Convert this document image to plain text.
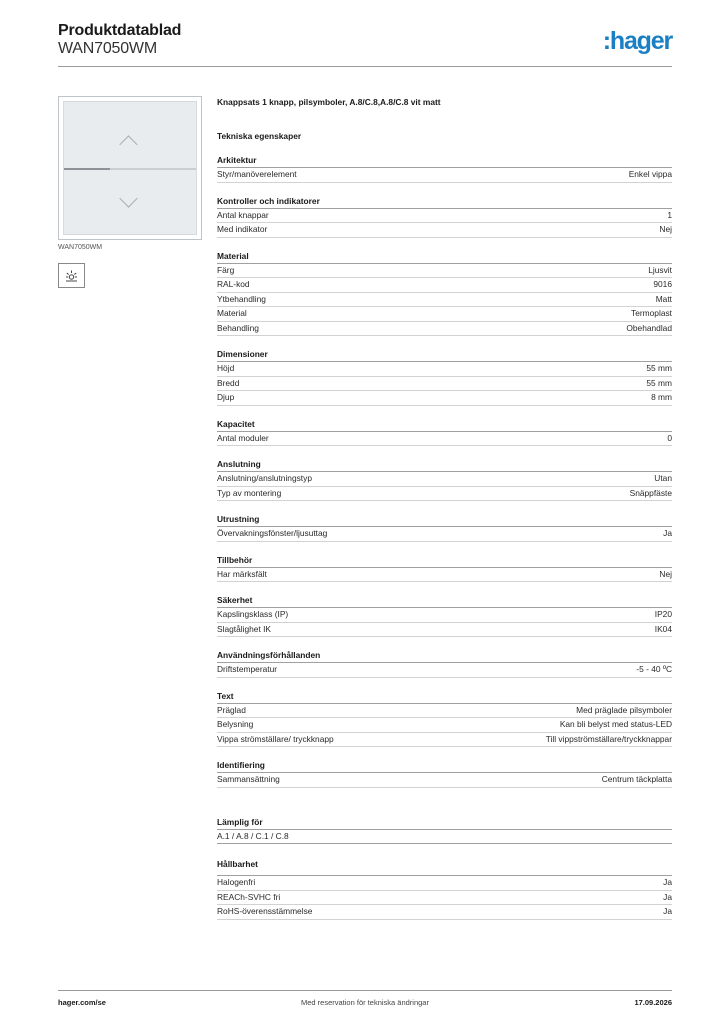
Produktdatablad
WAN7050WM	:hager
WAN7050WM
Knappsats 1 knapp, pilsymboler, A.8/C.8,A.8/C.8 vit matt
Tekniska egenskaper
Arkitektur
Styr/manöverelement	Enkel vippa
Kontroller och indikatorer
Antal knappar	1
Med indikator	Nej
Material
Färg	Ljusvit
RAL-kod	9016
Ytbehandling	Matt
Material	Termoplast
Behandling	Obehandlad
Dimensioner
Höjd	55 mm
Bredd	55 mm
Djup	8 mm
Kapacitet
Antal moduler	0
Anslutning
Anslutning/anslutningstyp	Utan
Typ av montering	Snäppfäste
Utrustning
Övervakningsfönster/ljusuttag	Ja
Tillbehör
Har märksfält	Nej
Säkerhet
Kapslingsklass (IP)	IP20
Slagtålighet IK	IK04
Användningsförhållanden
Driftstemperatur	-5 - 40 ºC
Text
Präglad	Med präglade pilsymboler
Belysning	Kan bli belyst med status-LED
Vippa strömställare/ tryckknapp	Till vippströmställare/tryckknappar
Identifiering
Sammansättning	Centrum täckplatta
Lämplig för
A.1 / A.8 / C.1 / C.8
Hållbarhet
Halogenfri	Ja
REACh-SVHC fri	Ja
RoHS-överensstämmelse	Ja
hager.com/se	Med reservation för tekniska ändringar	17.09.2026
